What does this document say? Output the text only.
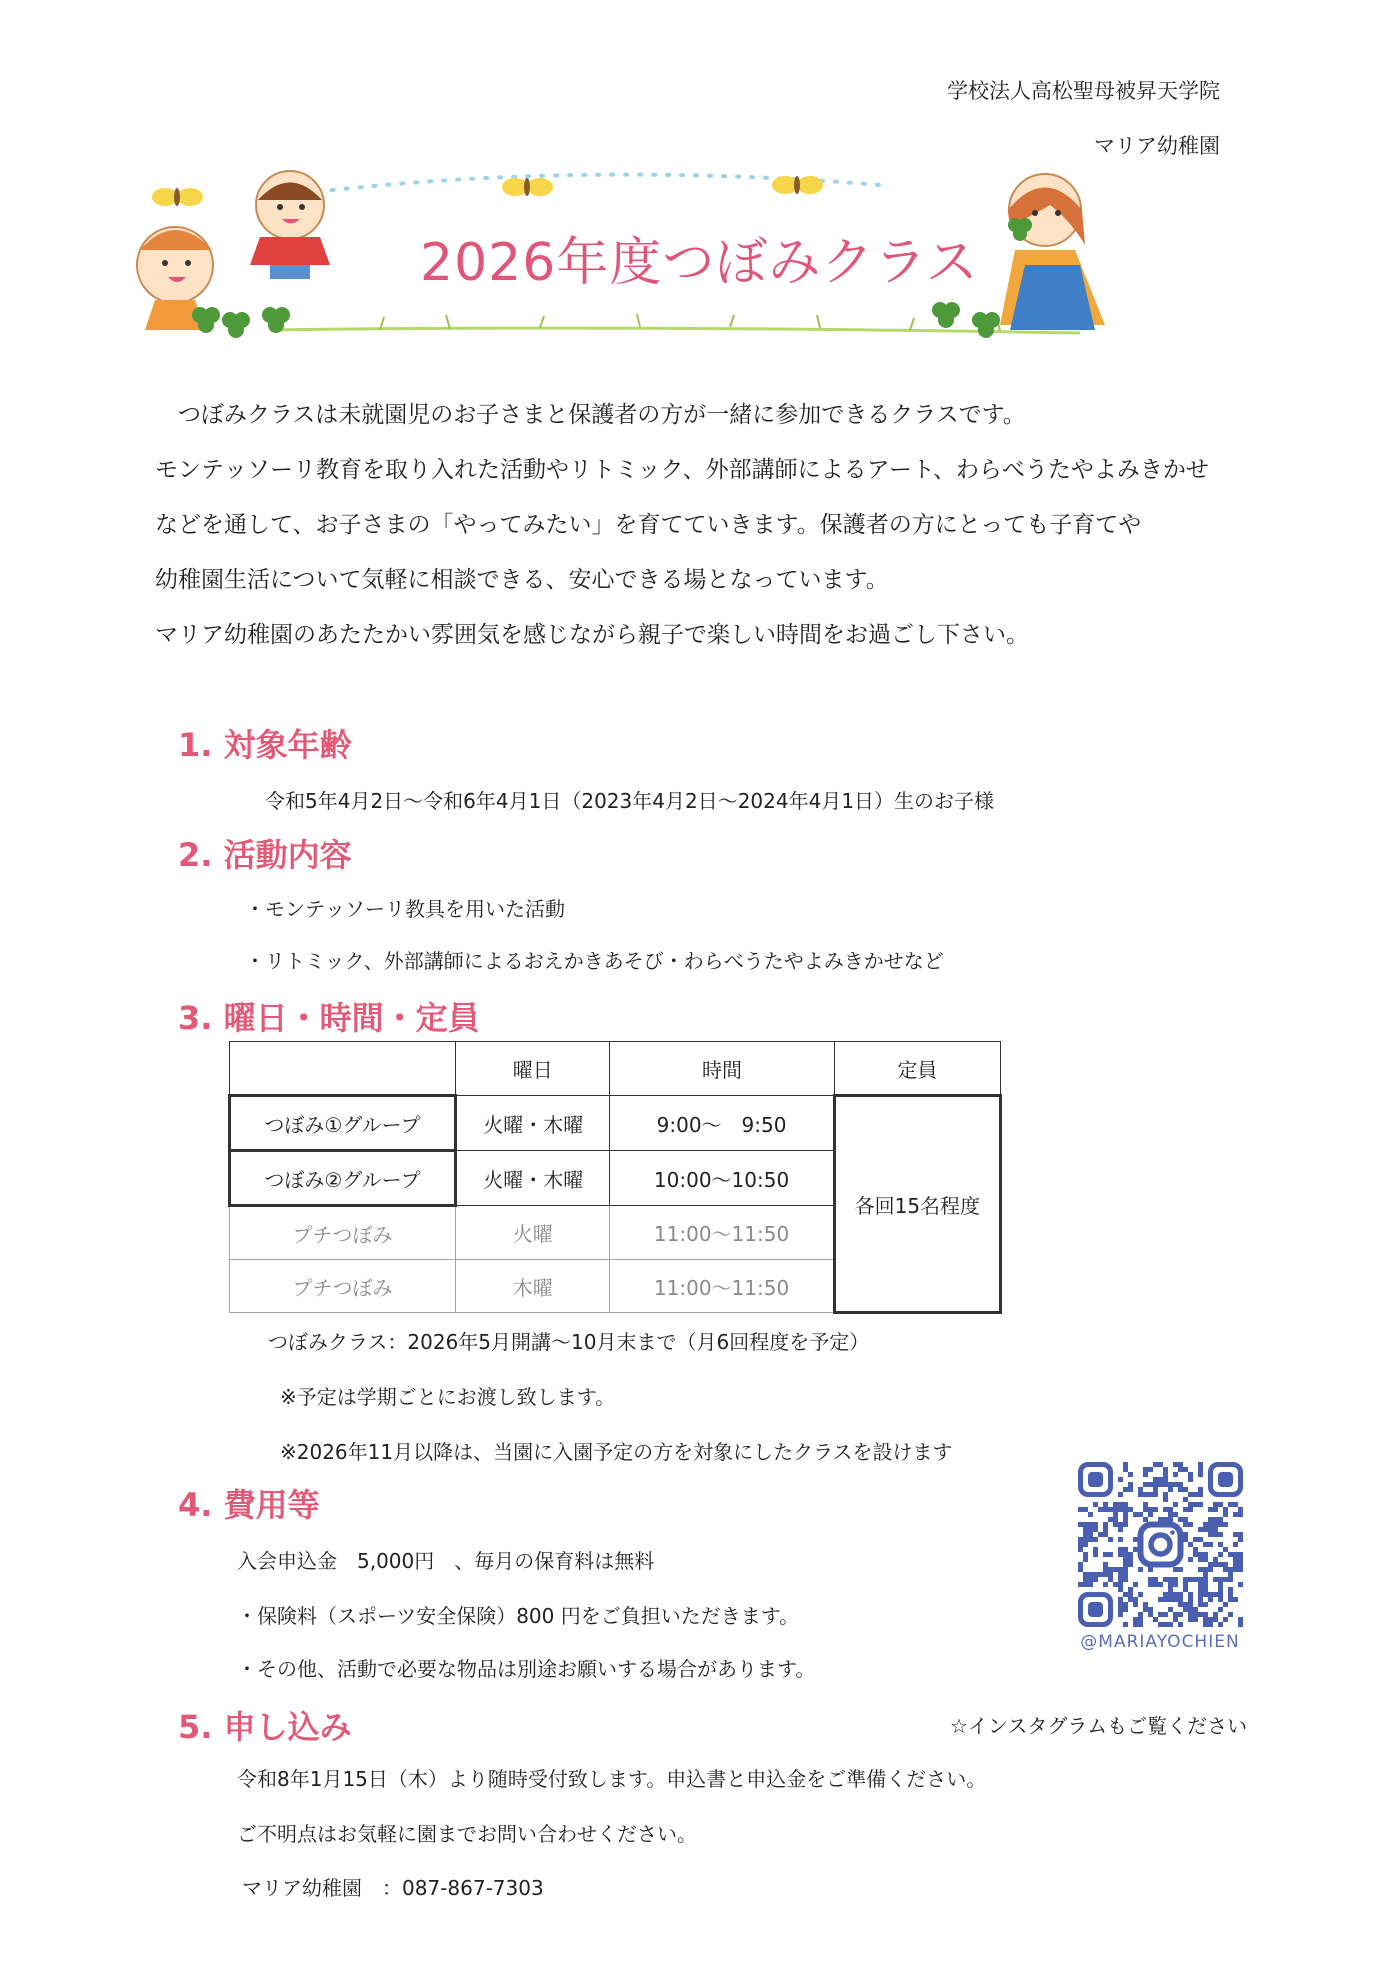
学校法人高松聖母被昇天学院
マリア幼稚園
2026年度つぼみクラス

　つぼみクラスは未就園児のお子さまと保護者の方が一緒に参加できるクラスです。

モンテッソーリ教育を取り入れた活動やリトミック、外部講師によるアート、わらべうたやよみきかせ

などを通して、お子さまの「やってみたい」を育てていきます。保護者の方にとっても子育てや

幼稚園生活について気軽に相談できる、安心できる場となっています。

マリア幼稚園のあたたかい雰囲気を感じながら親子で楽しい時間をお過ごし下さい。

1. 対象年齢
令和5年4月2日～令和6年4月1日（2023年4月2日～2024年4月1日）生のお子様
2. 活動内容
・モンテッソーリ教具を用いた活動
・リトミック、外部講師によるおえかきあそび・わらべうたやよみきかせなど
3. 曜日・時間・定員
	曜日	時間	定員
つぼみ①グループ	火曜・木曜	9:00～　9:50	各回15名程度
つぼみ②グループ	火曜・木曜	10:00～10:50	
プチつぼみ	火曜	11:00～11:50	
プチつぼみ	木曜	11:00～11:50	
つぼみクラス：2026年5月開講～10月末まで（月6回程度を予定）
※予定は学期ごとにお渡し致します。
※2026年11月以降は、当園に入園予定の方を対象にしたクラスを設けます
4. 費用等
入会申込金　5,000円　、毎月の保育料は無料
・保険料（スポーツ安全保険）800 円をご負担いただきます。
・その他、活動で必要な物品は別途お願いする場合があります。
@MARIAYOCHIEN
5. 申し込み	☆インスタグラムもご覧ください
令和8年1月15日（木）より随時受付致します。申込書と申込金をご準備ください。
ご不明点はお気軽に園までお問い合わせください。
マリア幼稚園　：087-867-7303
